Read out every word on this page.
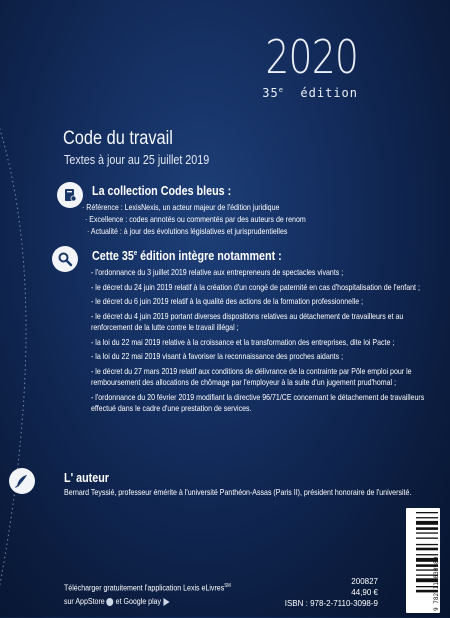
2020
35e édition
Code du travail
Textes à jour au 25 juillet 2019
La collection Codes bleus :
· Référence : LexisNexis, un acteur majeur de l'édition juridique
· Excellence : codes annotés ou commentés par des auteurs de renom
· Actualité : à jour des évolutions législatives et jurisprudentielles
Cette 35e édition intègre notamment :

- l'ordonnance du 3 juillet 2019 relative aux entrepreneurs de spectacles vivants ;

- le décret du 24 juin 2019 relatif à la création d'un congé de paternité en cas d'hospitalisation de l'enfant ;

- le décret du 6 juin 2019 relatif à la qualité des actions de la formation professionnelle ;

- le décret du 4 juin 2019 portant diverses dispositions relatives au détachement de travailleurs et au renforcement de la lutte contre le travail illégal ;

- la loi du 22 mai 2019 relative à la croissance et la transformation des entreprises, dite loi Pacte ;

- la loi du 22 mai 2019 visant à favoriser la reconnaissance des proches aidants ;

- le décret du 27 mars 2019 relatif aux conditions de délivrance de la contrainte par Pôle emploi pour le remboursement des allocations de chômage par l'employeur à la suite d'un jugement prud'homal ;

- l'ordonnance du 20 février 2019 modifiant la directive 96/71/CE concernant le détachement de travailleurs effectué dans le cadre d'une prestation de services.

L' auteur
Bernard Teyssié, professeur émérite à l'université Panthéon-Assas (Paris II), président honoraire de l'université.
Télécharger gratuitement l'application Lexis eLivres℠
sur AppStore et Google play
200827
44,90 €
ISBN : 978-2-7110-3098-9	9 782711 030989
